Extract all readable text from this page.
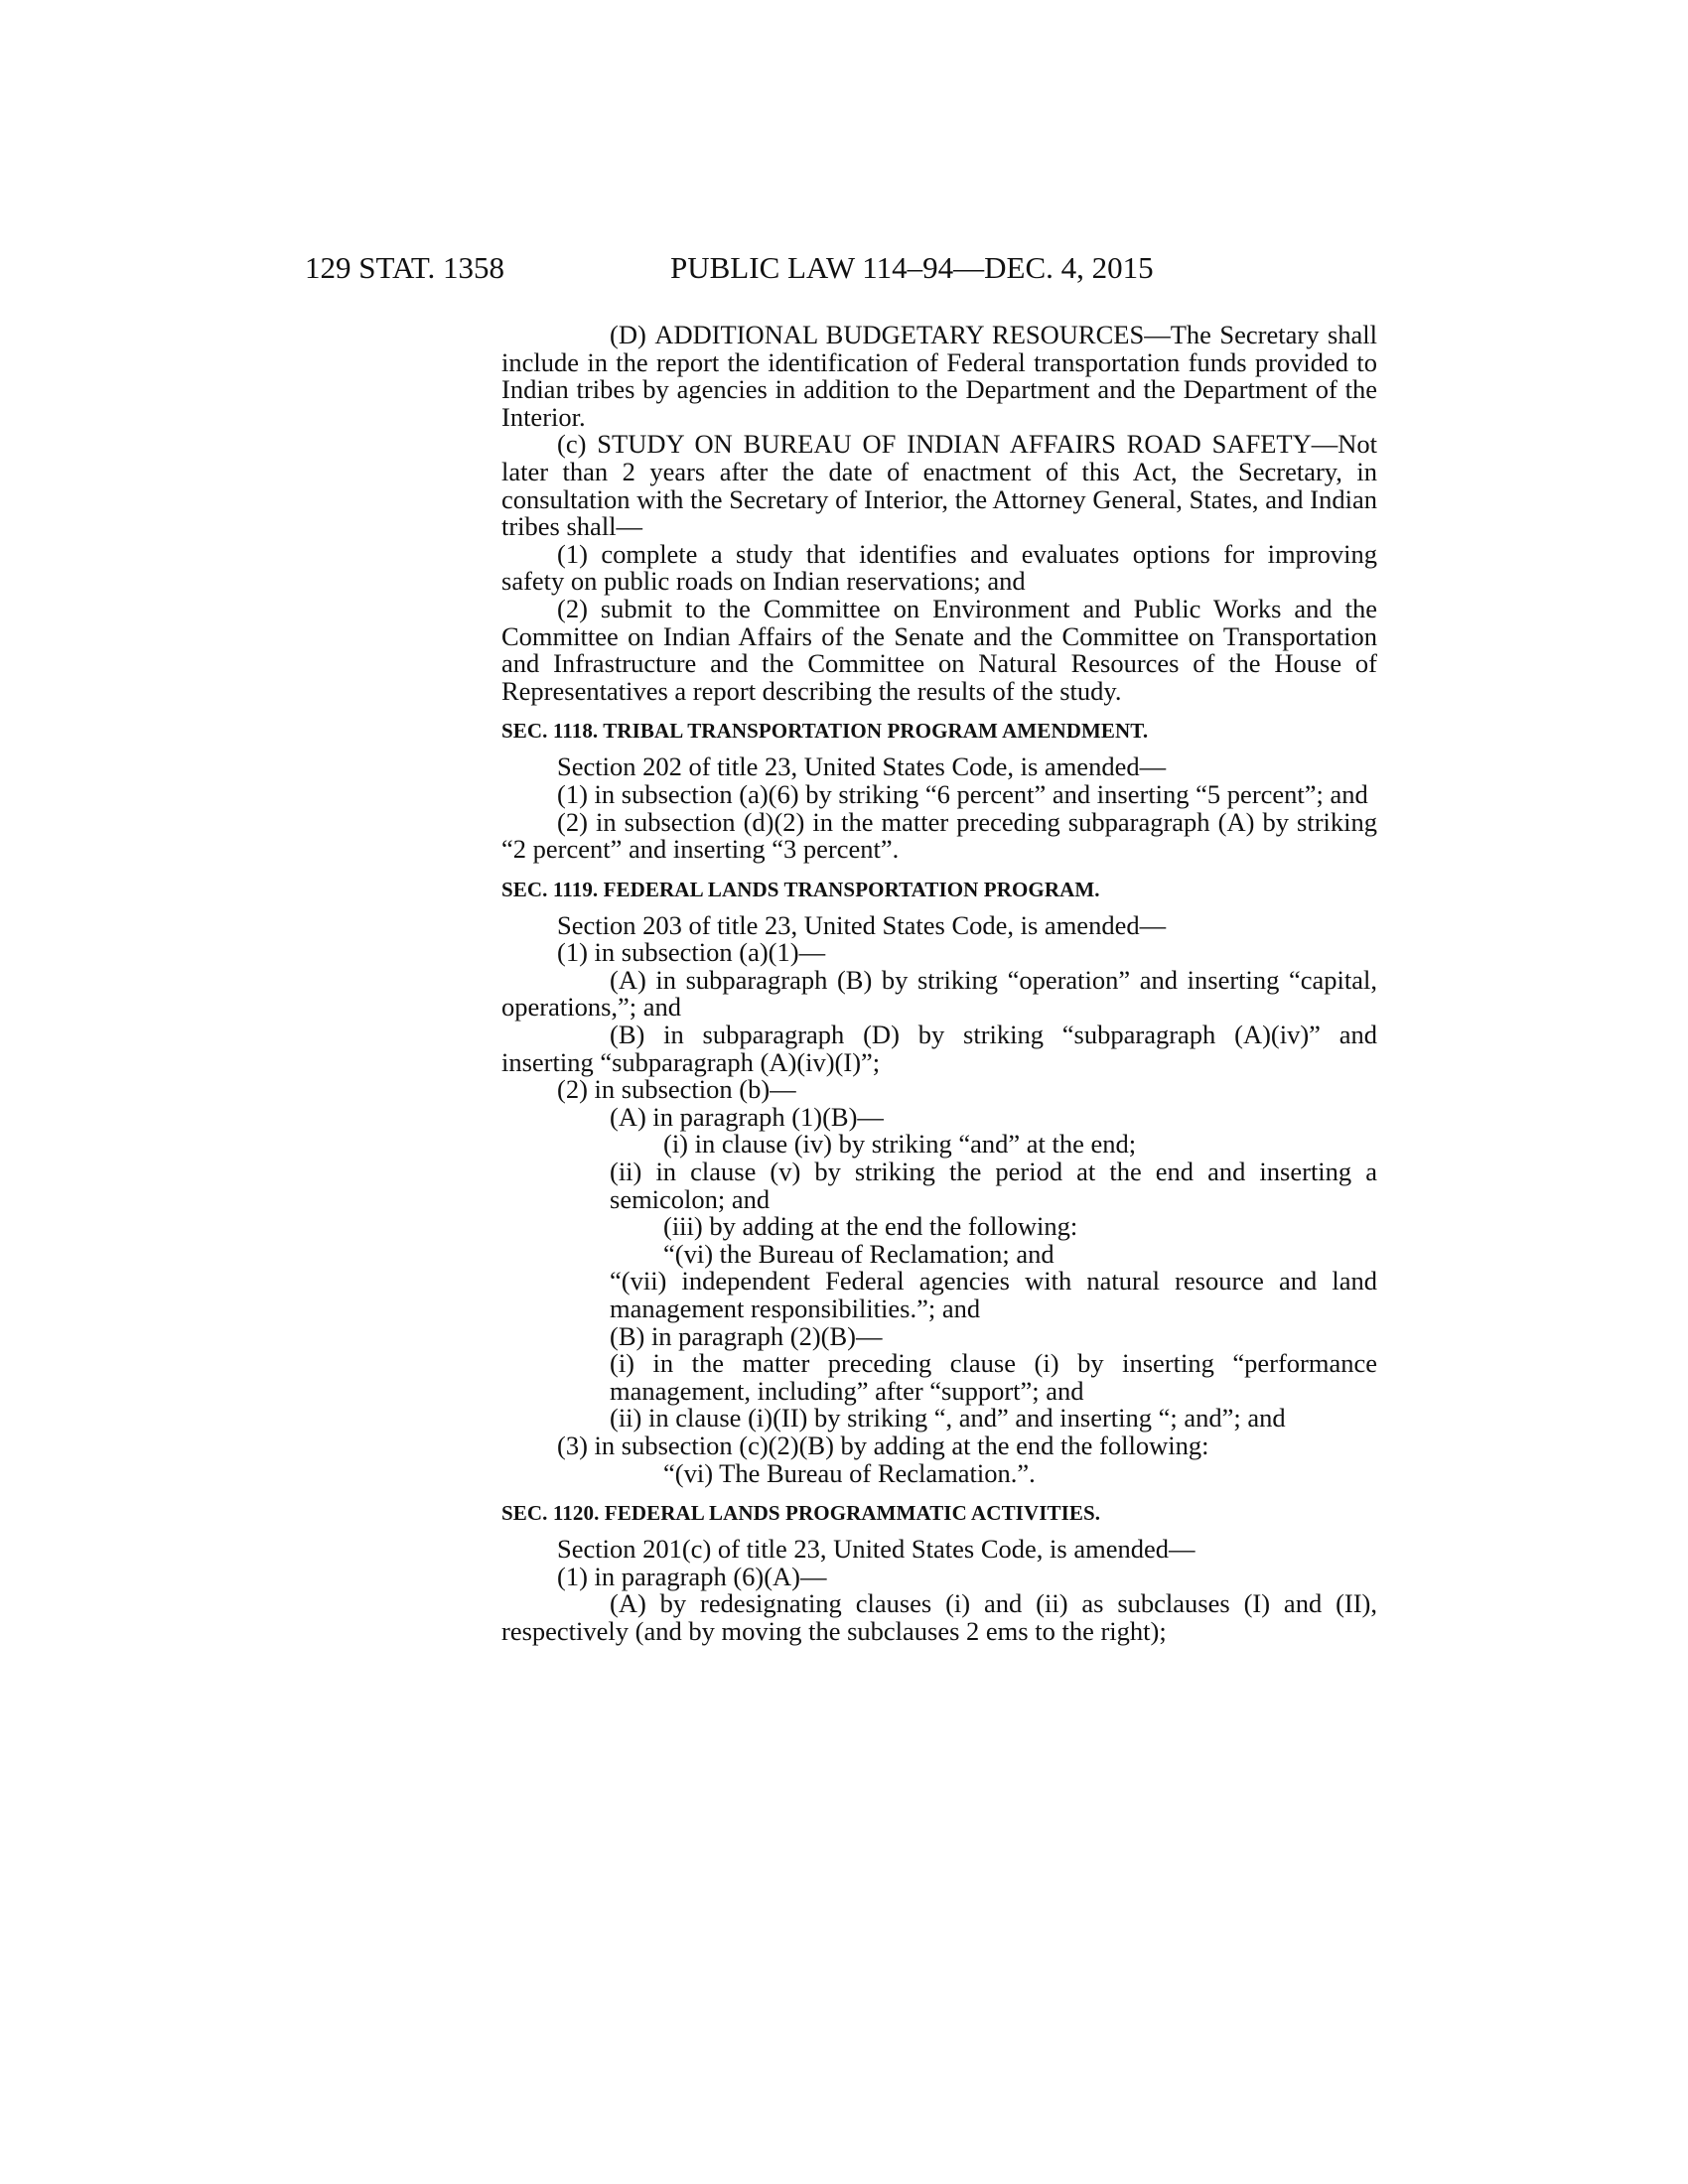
129 STAT. 1358	PUBLIC LAW 114–94—DEC. 4, 2015

(D) ADDITIONAL BUDGETARY RESOURCES—The Secretary shall include in the report the identification of Federal transportation funds provided to Indian tribes by agencies in addition to the Department and the Department of the Interior.

(c) STUDY ON BUREAU OF INDIAN AFFAIRS ROAD SAFETY—Not later than 2 years after the date of enactment of this Act, the Secretary, in consultation with the Secretary of Interior, the Attorney General, States, and Indian tribes shall—

(1) complete a study that identifies and evaluates options for improving safety on public roads on Indian reservations; and

(2) submit to the Committee on Environment and Public Works and the Committee on Indian Affairs of the Senate and the Committee on Transportation and Infrastructure and the Committee on Natural Resources of the House of Representatives a report describing the results of the study.

SEC. 1118. TRIBAL TRANSPORTATION PROGRAM AMENDMENT.

Section 202 of title 23, United States Code, is amended—

(1) in subsection (a)(6) by striking “6 percent” and inserting “5 percent”; and

(2) in subsection (d)(2) in the matter preceding subparagraph (A) by striking “2 percent” and inserting “3 percent”.

SEC. 1119. FEDERAL LANDS TRANSPORTATION PROGRAM.

Section 203 of title 23, United States Code, is amended—

(1) in subsection (a)(1)—

(A) in subparagraph (B) by striking “operation” and inserting “capital, operations,”; and

(B) in subparagraph (D) by striking “subparagraph (A)(iv)” and inserting “subparagraph (A)(iv)(I)”;

(2) in subsection (b)—

(A) in paragraph (1)(B)—

(i) in clause (iv) by striking “and” at the end;

(ii) in clause (v) by striking the period at the end and inserting a semicolon; and

(iii) by adding at the end the following:

“(vi) the Bureau of Reclamation; and

“(vii) independent Federal agencies with natural resource and land management responsibilities.”; and

(B) in paragraph (2)(B)—

(i) in the matter preceding clause (i) by inserting “performance management, including” after “support”; and

(ii) in clause (i)(II) by striking “, and” and inserting “; and”; and

(3) in subsection (c)(2)(B) by adding at the end the following:

“(vi) The Bureau of Reclamation.”.

SEC. 1120. FEDERAL LANDS PROGRAMMATIC ACTIVITIES.

Section 201(c) of title 23, United States Code, is amended—

(1) in paragraph (6)(A)—

(A) by redesignating clauses (i) and (ii) as subclauses (I) and (II), respectively (and by moving the subclauses 2 ems to the right);
